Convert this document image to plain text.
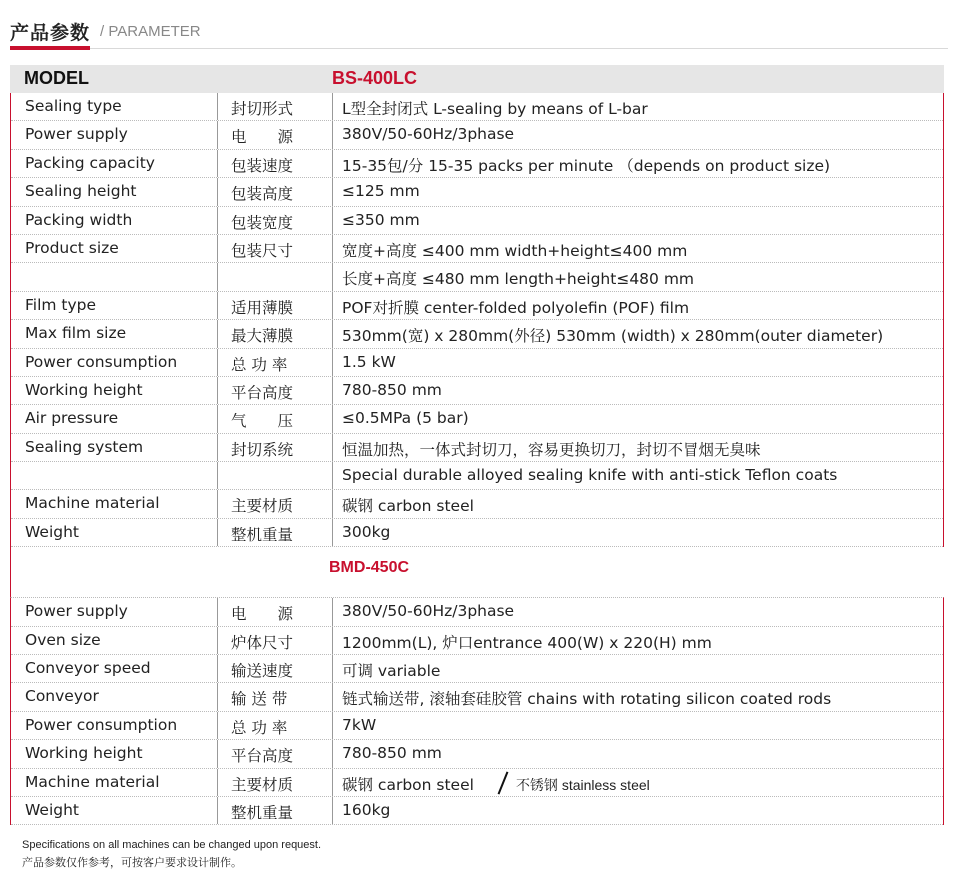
产品参数 / PARAMETER
MODEL	BS-400LC
Sealing type	封切形式	L型全封闭式 L-sealing by means of L-bar
Power supply	电　　源	380V/50-60Hz/3phase
Packing capacity	包装速度	15-35包/分 15-35 packs per minute （depends on product size)
Sealing height	包装高度	≤125 mm
Packing width	包装宽度	≤350 mm
Product size	包装尺寸	宽度+高度 ≤400 mm width+height≤400 mm
长度+高度 ≤480 mm length+height≤480 mm
Film type	适用薄膜	POF对折膜 center-folded polyolefin (POF) film
Max film size	最大薄膜	530mm(宽) x 280mm(外径) 530mm (width) x 280mm(outer diameter)
Power consumption	总 功 率	1.5 kW
Working height	平台高度	780-850 mm
Air pressure	气　　压	≤0.5MPa (5 bar)
Sealing system	封切系统	恒温加热，一体式封切刀，容易更换切刀，封切不冒烟无臭味
Special durable alloyed sealing knife with anti-stick Teflon coats
Machine material	主要材质	碳钢 carbon steel
Weight	整机重量	300kg
BMD-450C
Power supply	电　　源	380V/50-60Hz/3phase
Oven size	炉体尺寸	1200mm(L), 炉口entrance 400(W) x 220(H) mm
Conveyor speed	输送速度	可调 variable
Conveyor	输 送 带	链式输送带, 滚轴套硅胶管 chains with rotating silicon coated rods
Power consumption	总 功 率	7kW
Working height	平台高度	780-850 mm
Machine material	主要材质	碳钢 carbon steel	不锈钢 stainless steel
Weight	整机重量	160kg
Specifications on all machines can be changed upon request.
产品参数仅作参考，可按客户要求设计制作。
